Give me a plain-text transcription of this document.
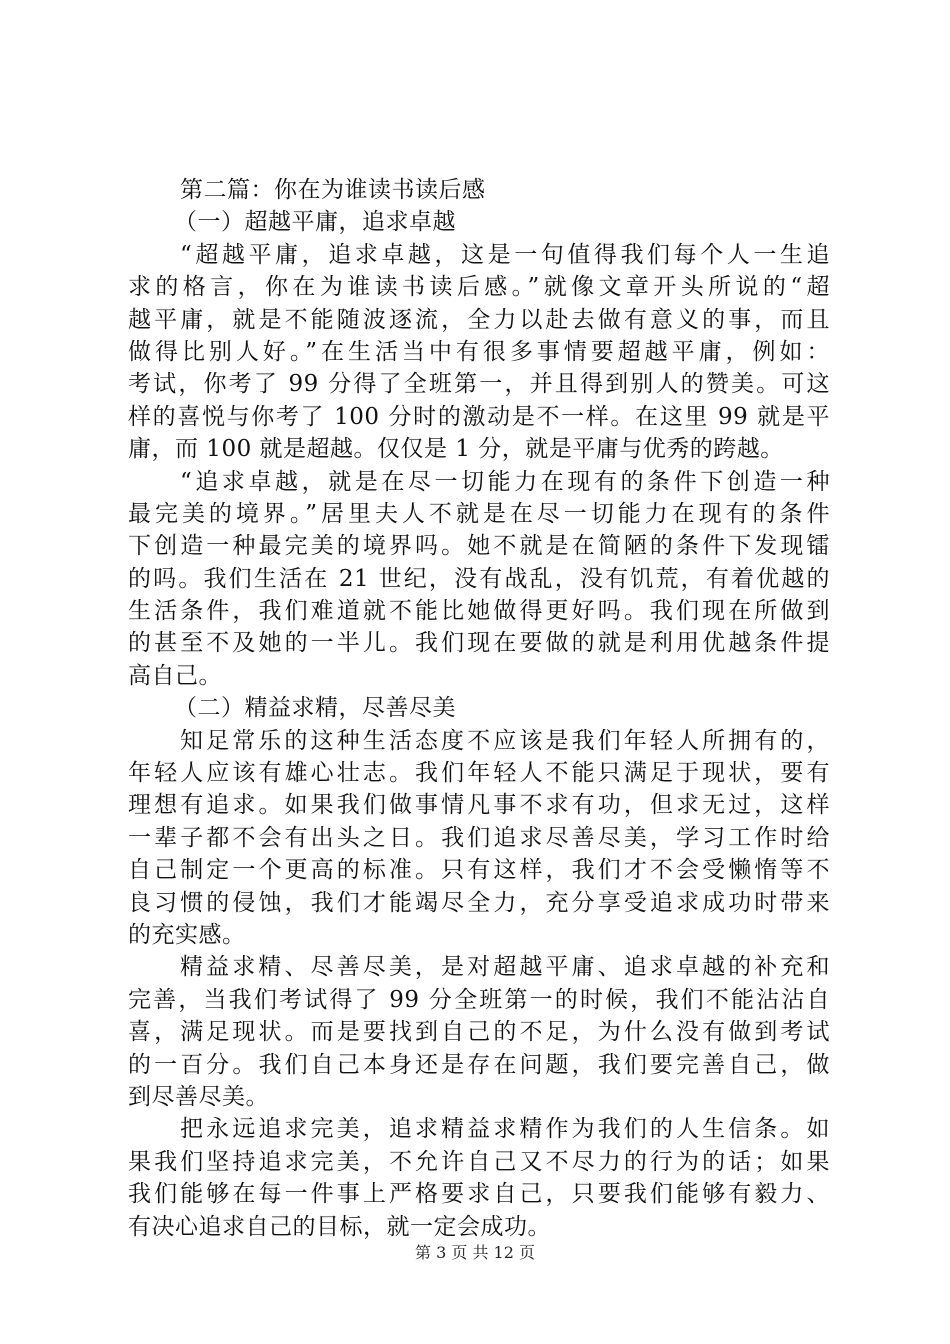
第二篇：你在为谁读书读后感
（一）超越平庸，追求卓越
“超越平庸，追求卓越，这是一句值得我们每个人一生追
求的格言，你在为谁读书读后感。”就像文章开头所说的“超
越平庸，就是不能随波逐流，全力以赴去做有意义的事，而且
做得比别人好。”在生活当中有很多事情要超越平庸，例如：
考试，你考了 99 分得了全班第一，并且得到别人的赞美。可这
样的喜悦与你考了 100 分时的激动是不一样。在这里 99 就是平
庸，而 100 就是超越。仅仅是 1 分，就是平庸与优秀的跨越。
“追求卓越，就是在尽一切能力在现有的条件下创造一种
最完美的境界。”居里夫人不就是在尽一切能力在现有的条件
下创造一种最完美的境界吗。她不就是在简陋的条件下发现镭
的吗。我们生活在 21 世纪，没有战乱，没有饥荒，有着优越的
生活条件，我们难道就不能比她做得更好吗。我们现在所做到
的甚至不及她的一半儿。我们现在要做的就是利用优越条件提
高自己。
（二）精益求精，尽善尽美
知足常乐的这种生活态度不应该是我们年轻人所拥有的，
年轻人应该有雄心壮志。我们年轻人不能只满足于现状，要有
理想有追求。如果我们做事情凡事不求有功，但求无过，这样
一辈子都不会有出头之日。我们追求尽善尽美，学习工作时给
自己制定一个更高的标准。只有这样，我们才不会受懒惰等不
良习惯的侵蚀，我们才能竭尽全力，充分享受追求成功时带来
的充实感。
精益求精、尽善尽美，是对超越平庸、追求卓越的补充和
完善，当我们考试得了 99 分全班第一的时候，我们不能沾沾自
喜，满足现状。而是要找到自己的不足，为什么没有做到考试
的一百分。我们自己本身还是存在问题，我们要完善自己，做
到尽善尽美。
把永远追求完美，追求精益求精作为我们的人生信条。如
果我们坚持追求完美，不允许自己又不尽力的行为的话；如果
我们能够在每一件事上严格要求自己，只要我们能够有毅力、
有决心追求自己的目标，就一定会成功。
第 3 页 共 12 页
